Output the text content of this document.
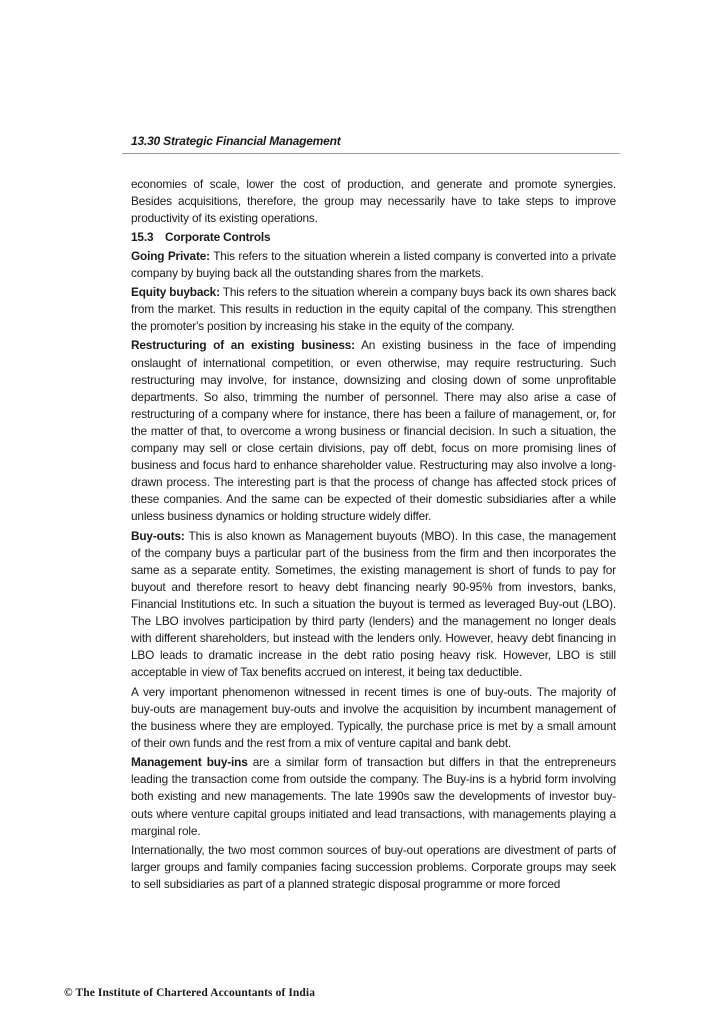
13.30 Strategic Financial Management

economies of scale, lower the cost of production, and generate and promote synergies. Besides acquisitions, therefore, the group may necessarily have to take steps to improve productivity of its existing operations.

15.3 Corporate Controls

Going Private: This refers to the situation wherein a listed company is converted into a private company by buying back all the outstanding shares from the markets.

Equity buyback: This refers to the situation wherein a company buys back its own shares back from the market. This results in reduction in the equity capital of the company. This strengthen the promoter's position by increasing his stake in the equity of the company.

Restructuring of an existing business: An existing business in the face of impending onslaught of international competition, or even otherwise, may require restructuring. Such restructuring may involve, for instance, downsizing and closing down of some unprofitable departments. So also, trimming the number of personnel. There may also arise a case of restructuring of a company where for instance, there has been a failure of management, or, for the matter of that, to overcome a wrong business or financial decision. In such a situation, the company may sell or close certain divisions, pay off debt, focus on more promising lines of business and focus hard to enhance shareholder value. Restructuring may also involve a long-drawn process. The interesting part is that the process of change has affected stock prices of these companies. And the same can be expected of their domestic subsidiaries after a while unless business dynamics or holding structure widely differ.

Buy-outs: This is also known as Management buyouts (MBO). In this case, the management of the company buys a particular part of the business from the firm and then incorporates the same as a separate entity. Sometimes, the existing management is short of funds to pay for buyout and therefore resort to heavy debt financing nearly 90-95% from investors, banks, Financial Institutions etc. In such a situation the buyout is termed as leveraged Buy-out (LBO). The LBO involves participation by third party (lenders) and the management no longer deals with different shareholders, but instead with the lenders only. However, heavy debt financing in LBO leads to dramatic increase in the debt ratio posing heavy risk. However, LBO is still acceptable in view of Tax benefits accrued on interest, it being tax deductible.

A very important phenomenon witnessed in recent times is one of buy-outs. The majority of buy-outs are management buy-outs and involve the acquisition by incumbent management of the business where they are employed. Typically, the purchase price is met by a small amount of their own funds and the rest from a mix of venture capital and bank debt.

Management buy-ins are a similar form of transaction but differs in that the entrepreneurs leading the transaction come from outside the company. The Buy-ins is a hybrid form involving both existing and new managements. The late 1990s saw the developments of investor buy-outs where venture capital groups initiated and lead transactions, with managements playing a marginal role.

Internationally, the two most common sources of buy-out operations are divestment of parts of larger groups and family companies facing succession problems. Corporate groups may seek to sell subsidiaries as part of a planned strategic disposal programme or more forced

© The Institute of Chartered Accountants of India
